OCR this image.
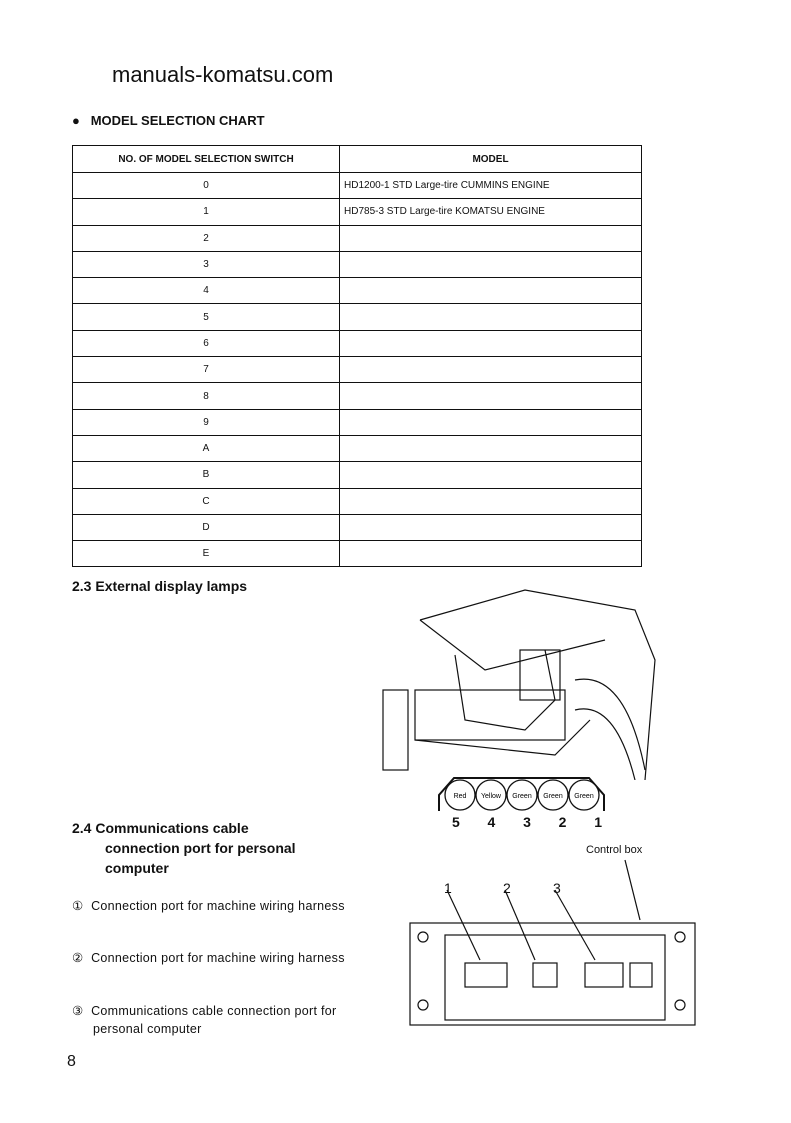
● MODEL SELECTION CHART
NO. OF MODEL SELECTION SWITCH	MODEL
0	HD1200-1 STD Large-tire CUMMINS ENGINE
1	HD785-3 STD Large-tire KOMATSU ENGINE
2	
3	
4	
5	
6	
7	
8	
9	
A	
B	
C	
D	
E	
manuals-komatsu.com
2.3 External display lamps
Red Yellow Green Green Green
5 4 3 2 1
2.4 Communications cable
connection port for personal
computer
① Connection port for machine wiring harness
② Connection port for machine wiring harness
③ Communications cable connection port for
personal computer
Control box
1	2	3
8
